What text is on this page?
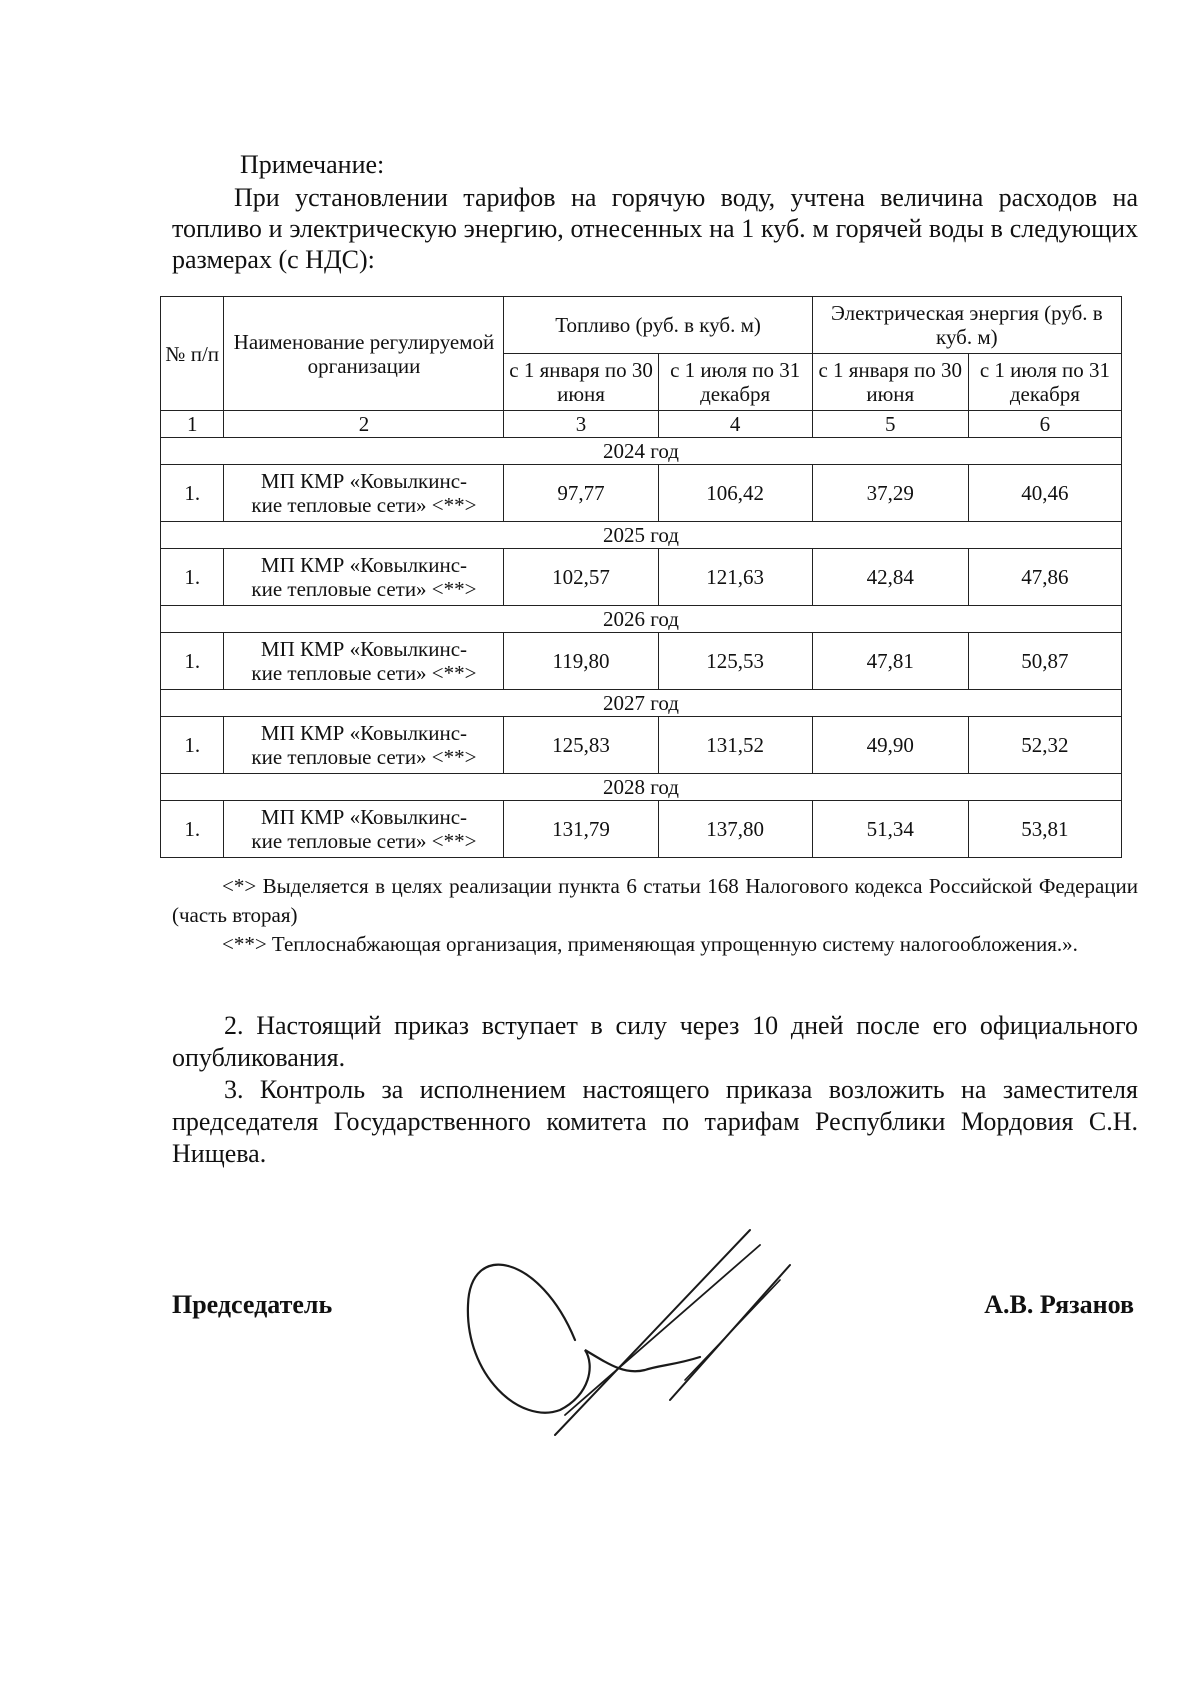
Примечание:
При установлении тарифов на горячую воду, учтена величина расходов на топливо и электрическую энергию, отнесенных на 1 куб. м горячей воды в следующих размерах (с НДС):
№ п/п	Наименование регулируемой организации	Топливо (руб. в куб. м)		Электрическая энергия (руб. в куб. м)	
		с 1 января по 30 июня	с 1 июля по 31 декабря	с 1 января по 30 июня	с 1 июля по 31 декабря
1	2	3	4	5	6
2024 год					
1.	МП КМР «Ковылкинс-
кие тепловые сети» <**>	97,77	106,42	37,29	40,46
2025 год					
1.	МП КМР «Ковылкинс-
кие тепловые сети» <**>	102,57	121,63	42,84	47,86
2026 год					
1.	МП КМР «Ковылкинс-
кие тепловые сети» <**>	119,80	125,53	47,81	50,87
2027 год					
1.	МП КМР «Ковылкинс-
кие тепловые сети» <**>	125,83	131,52	49,90	52,32
2028 год					
1.	МП КМР «Ковылкинс-
кие тепловые сети» <**>	131,79	137,80	51,34	53,81

<*> Выделяется в целях реализации пункта 6 статьи 168 Налогового кодекса Российской Федерации (часть вторая)

<**> Теплоснабжающая организация, применяющая упрощенную систему налогообложения.».

2. Настоящий приказ вступает в силу через 10 дней после его официального опубликования.

3. Контроль за исполнением настоящего приказа возложить на заместителя председателя Государственного комитета по тарифам Республики Мордовия С.Н. Нищева.

Председатель	А.В. Рязанов
